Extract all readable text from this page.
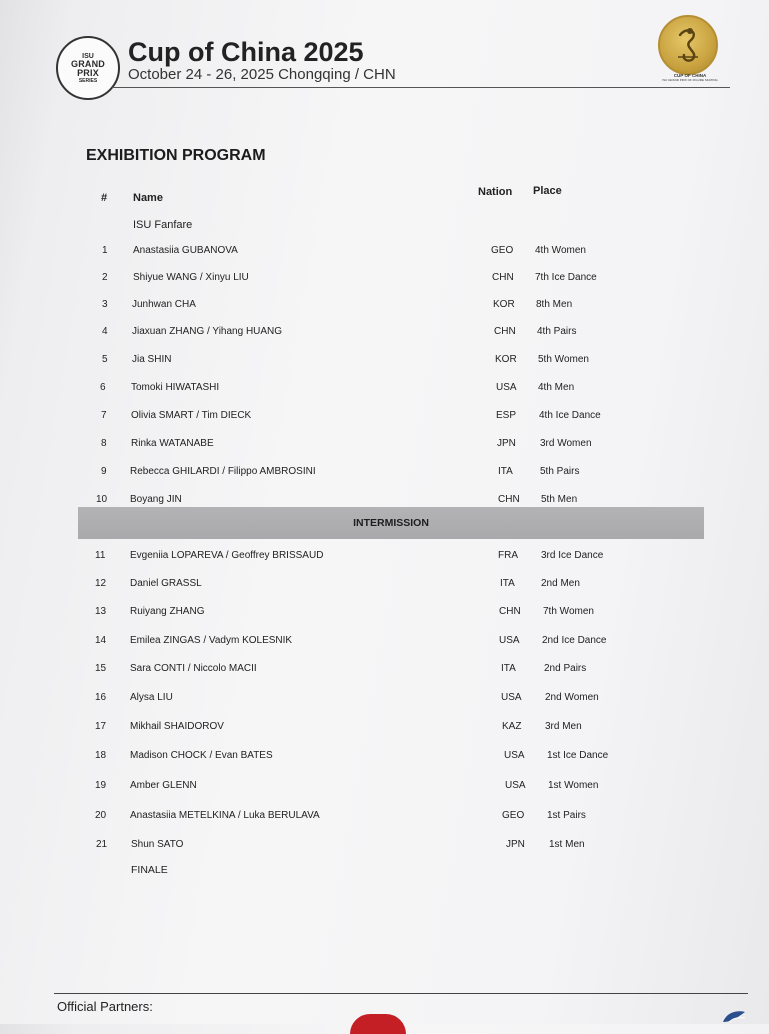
ISU
GRAND
PRIX
SERIES
Cup of China 2025
October 24 - 26, 2025 Chongqing / CHN	CUP OF CHINA
ISU GRAND PRIX OF FIGURE SKATING
EXHIBITION PROGRAM
# Name	Nation Place
ISU Fanfare
1	Anastasiia GUBANOVA	GEO 4th Women
2	Shiyue WANG / Xinyu LIU	CHN 7th Ice Dance
3 Junhwan CHA	KOR 8th Men
4 Jiaxuan ZHANG / Yihang HUANG	CHN 4th Pairs
5 Jia SHIN	KOR 5th Women
6	Tomoki HIWATASHI	USA 4th Men
7 Olivia SMART / Tim DIECK	ESP 4th Ice Dance
8 Rinka WATANABE	JPN 3rd Women
9 Rebecca GHILARDI / Filippo AMBROSINI	ITA	5th Pairs
10 Boyang JIN	CHN 5th Men
INTERMISSION
11 Evgeniia LOPAREVA / Geoffrey BRISSAUD	FRA 3rd Ice Dance
12 Daniel GRASSL	ITA	2nd Men
13 Ruiyang ZHANG	CHN 7th Women
14 Emilea ZINGAS / Vadym KOLESNIK	USA 2nd Ice Dance
15 Sara CONTI / Niccolo MACII	ITA	2nd Pairs
16 Alysa LIU	USA 2nd Women
17 Mikhail SHAIDOROV	KAZ 3rd Men
18 Madison CHOCK / Evan BATES	USA 1st Ice Dance
19 Amber GLENN	USA 1st Women
20 Anastasiia METELKINA / Luka BERULAVA	GEO 1st Pairs
21 Shun SATO	JPN 1st Men
FINALE
Official Partners:
